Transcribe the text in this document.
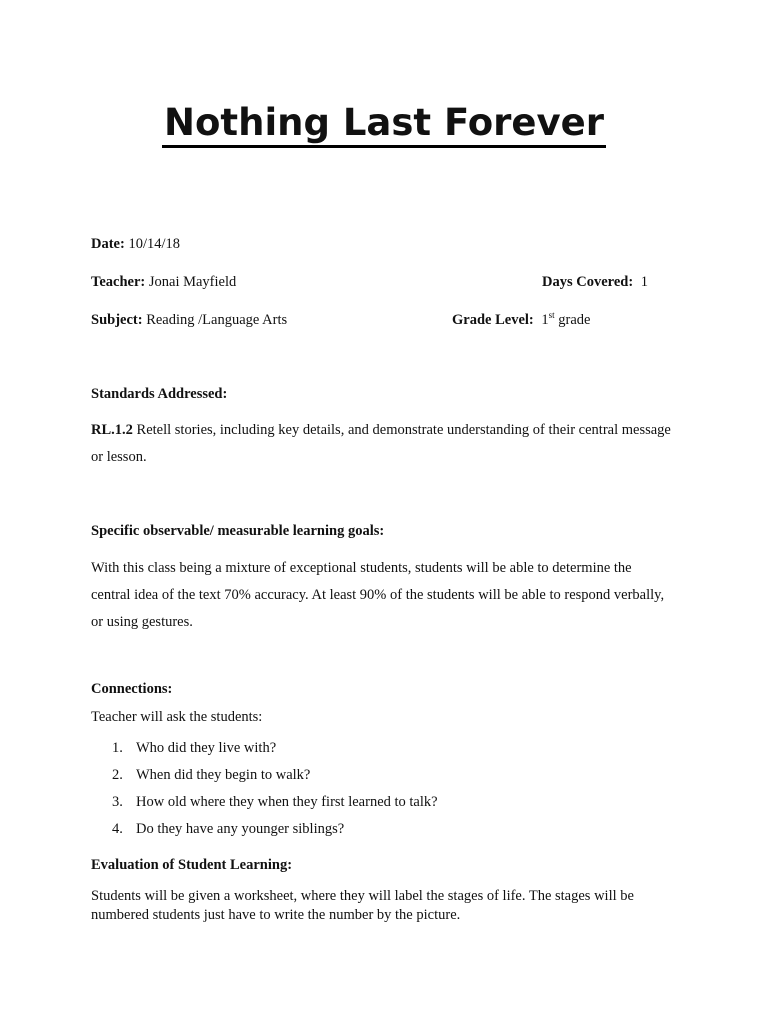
Nothing Last Forever
Date: 10/14/18
Teacher: Jonai Mayfield	Days Covered: 1
Subject: Reading /Language Arts	Grade Level: 1st grade
Standards Addressed:

RL.1.2 Retell stories, including key details, and demonstrate understanding of their central message or lesson.

Specific observable/ measurable learning goals:

With this class being a mixture of exceptional students, students will be able to determine the central idea of the text 70% accuracy. At least 90% of the students will be able to respond verbally, or using gestures.

Connections:
Teacher will ask the students:
1. Who did they live with?
2. When did they begin to walk?
3. How old where they when they first learned to talk?
4. Do they have any younger siblings?
Evaluation of Student Learning:

Students will be given a worksheet, where they will label the stages of life. The stages will be numbered students just have to write the number by the picture.
